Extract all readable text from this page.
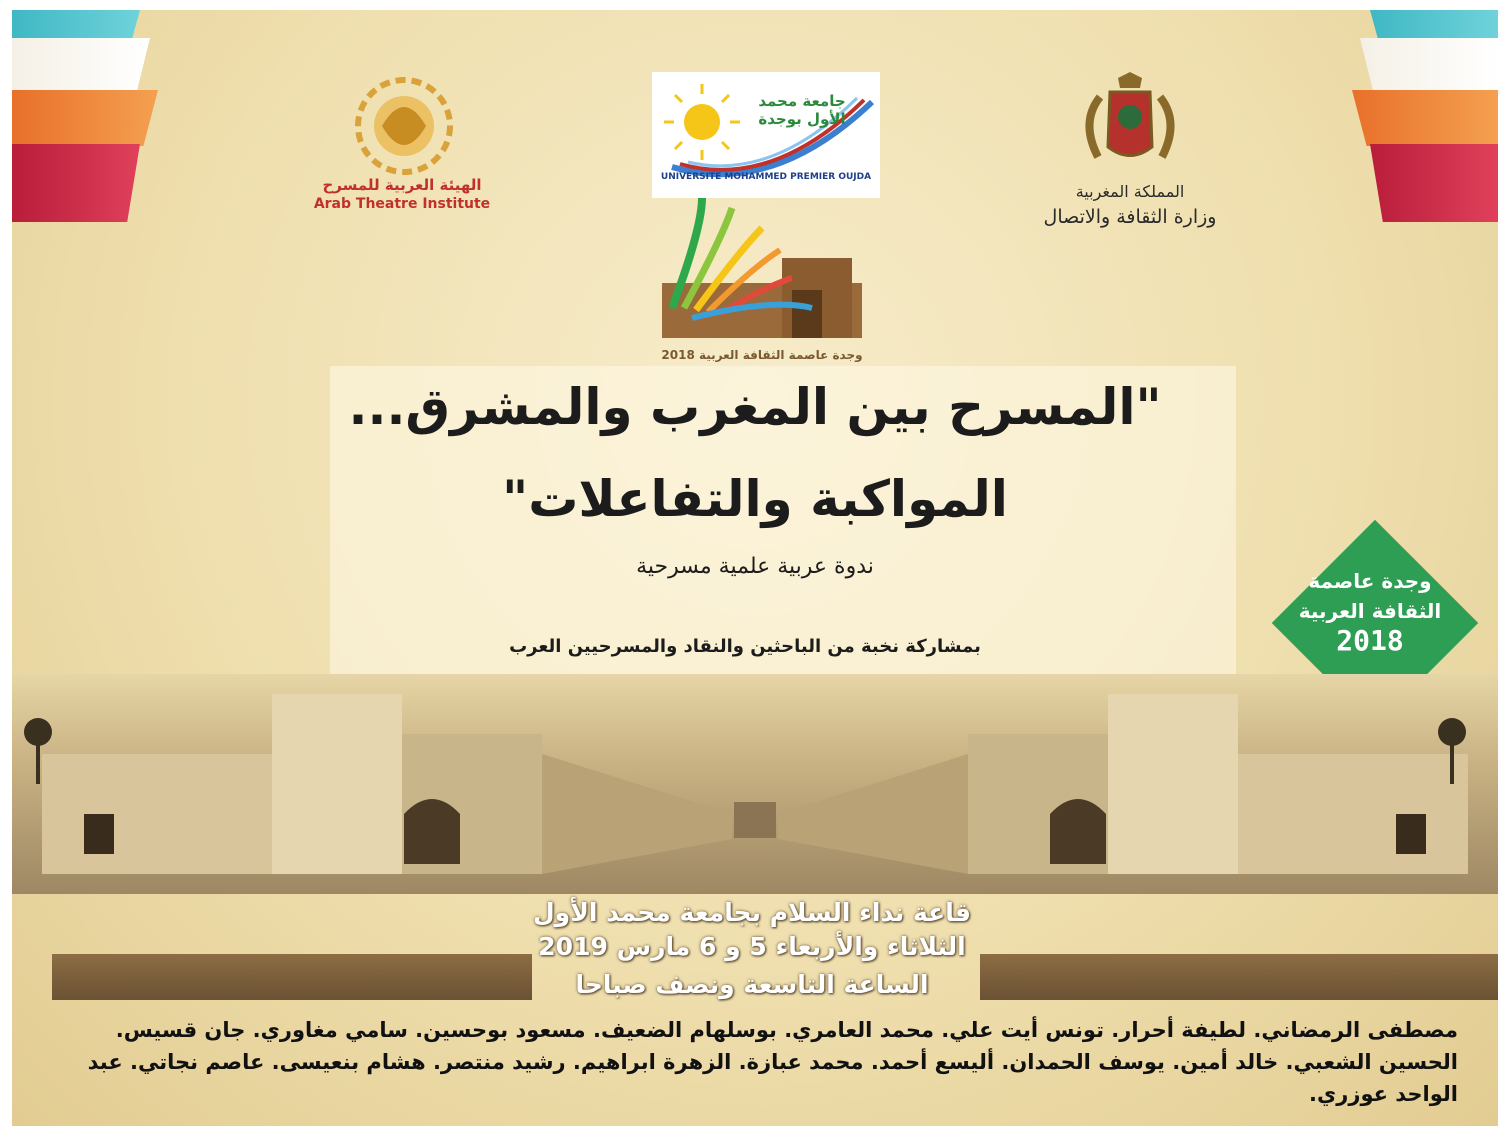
الهيئة العربية للمسرح
Arab Theatre Institute
جامعة محمد الأول بوجدة
UNIVERSITE MOHAMMED PREMIER OUJDA
المملكة المغربية
وزارة الثقافة والاتصال
وجدة عاصمة الثقافة العربية 2018
"المسرح بين المغرب والمشرق...
المواكبة والتفاعلات"
ندوة عربية علمية مسرحية
بمشاركة نخبة من الباحثين والنقاد والمسرحيين العرب
وجدة عاصمة
الثقافة العربية
2018
قاعة نداء السلام بجامعة محمد الأول
الثلاثاء والأربعاء 5 و 6 مارس 2019
الساعة التاسعة ونصف صباحا
مصطفى الرمضاني. لطيفة أحرار. تونس أيت علي. محمد العامري. بوسلهام الضعيف. مسعود بوحسين. سامي مغاوري. جان قسيس. الحسين الشعبي. خالد أمين. يوسف الحمدان. أليسع أحمد. محمد عبازة. الزهرة ابراهيم. رشيد منتصر. هشام بنعيسى. عاصم نجاتي. عبد الواحد عوزري.
